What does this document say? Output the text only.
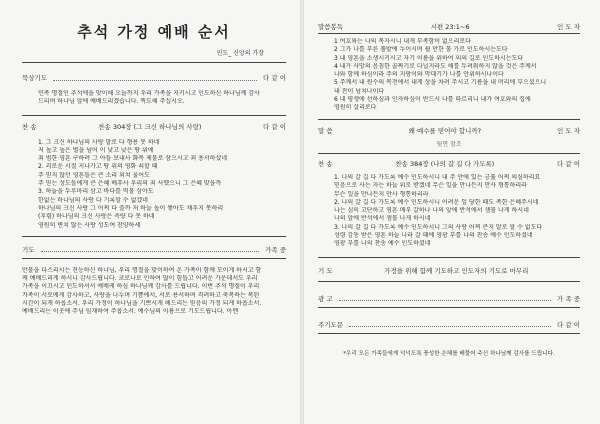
추석 가정 예배 순서
인도_ 신앙의 가장
묵상기도	다 같 이
민족 명절인 추석에을 맞이해 오늘까지 우리 가족을 지키시고 인도하신 하나님께 감사
드리며 하나님 앞에 예배드리겠습니다. 찍도해 주십시오.
찬 송	찬송 304장 (그 크신 하나님의 사랑)	다 같 이
1. 그 크신 하나님의 사랑 말로 다 형용 못 하네
저 높고 높은 별을 넘어 이 낮고 낮은 땅 위에
죄 범한 영혼 구하려 그 아들 보내사 화목 제물로 삼으시고 죄 용서하셨네
2. 괴로운 시절 지나가고 땅 위의 영화 쇠할 때
주 믿지 않던 영혼들은 큰 소리 외쳐 울어도
주 믿는 성도들에게 큰 은혜 베푸사 우리의 죄 사했으니 그 은혜 맞을까
3. 하늘을 두루마리 삼고 바다를 먹물 삼아도
한없는 하나님의 사랑 다 기록할 수 없겠네
하나님의 크신 사랑 그 어찌 다 쓸까 저 하늘 높이 쌓아도 채우지 못하리
(후렴) 하나님의 크신 사랑은 측량 다 못 하네
영원히 변치 않는 사랑 성도여 찬양하세
기도	가족 중
만물을 다스리시는 전능하신 하나님, 우리 명절을 맞이하여 온 가족이 함께 모이게 하시고 함
께 예배드리게 하시니 감사드립니다. 코로나로 인하여 많이 힘들고 어려운 가운데서도 우리
가족을 이끄시고 인도하셔서 예배케 하심 하나님께 감사를 드립니다. 이번 추석 명절이 우리
가족이 서로에게 감사하고, 사랑을 나누며 기쁨에서, 서로 용서하며 격려하고 축복하는 복된
시간이 되게 하옵소서. 우리 가정이 하나님을 기쁘시게 해드리는 믿음의 가정 되게 하옵소서.
예배드리는 이곳에 주님 임재하여 주옵소서. 예수님의 이름으로 기도드립니다. 아멘
말씀봉독	시편 23:1~6	인 도 자
1 여호와는 나의 목자시니 내게 부족함이 없으리로다
2 그가 나를 푸른 풀밭에 누이시며 쉴 만한 물 가로 인도하시는도다
3 내 영혼을 소생시키시고 자기 이름을 위하여 의의 길로 인도하시는도다
4 내가 사망의 음침한 골짜기로 다닐지라도 해를 두려워하지 않을 것은 주께서
나와 함께 하심이라 주의 지팡이와 막대기가 나를 안위하시나이다
5 주께서 내 원수의 목전에서 내게 상을 차려 주시고 기름을 내 머리에 부으셨으니
내 잔이 넘치나이다
6 내 평생에 선하심과 인자하심이 반드시 나를 따르리니 내가 여호와의 집에
영원히 살리로다
말 씀	왜 예수를 믿어야 합니까?	인 도 자
뒷면 참조
찬 송	찬송 384장 (나의 갈 길 다 가도록)	다 같 이
1. 나의 갈 길 다 가도록 예수 인도하시니 내 주 안에 있는 긍휼 어찌 의심하리요
믿음으로 사는 자는 하늘 위로 받겠네 무슨 일을 만나든지 만사 형통하리라
무슨 일을 만나든지 만사 형통하리라
2. 나의 갈 길 다 가도록 예수 인도하시니 어려운 일 당한 때도 족한 은혜주시네
나는 심히 고단하고 영혼 매우 갈하나 나의 앞에 반석에서 샘물 나게 하시네
나의 앞에 반석에서 샘물 나게 하시네
3. 나의 갈 길 다 가도록 예수 인도하시니 그의 사랑 어찌 큰지 말로 할 수 없도다
성령 감동 받은 영혼 하늘 나라 갈 때에 영광 부를 나의 찬송 예수 인도하셨네
영광 부를 나의 찬송 예수 인도하셨네
기 도	가정을 위해 함께 기도하고 인도자의 기도로 마무리
광 고	가 족 중
주기도문	다 같 이
*우리 모든 가족들에게 넉넉도록 풍성한 은혜를 베풀어 주신 하나님께 감사를 드립니다.
